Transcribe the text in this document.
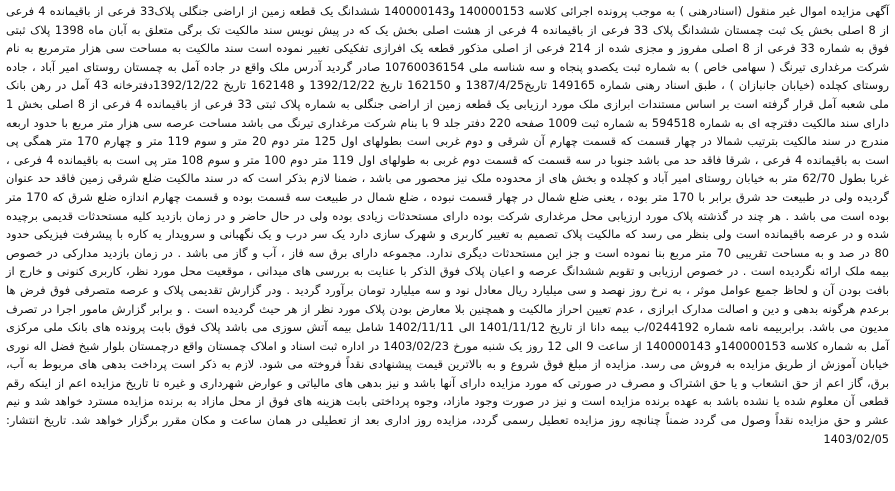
آگهی مزایده اموال غیر منقول (اسنادرهنی ) به موجب پرونده اجرائی کلاسه 140000153 و140000143 ششدانگ یک قطعه زمین از اراضی جنگلی پلاک33 فرعی از باقیمانده 4 فرعی از 8 اصلی بخش یک ثبت چمستان ششدانگ پلاک 33 فرعی از باقیمانده 4 فرعی از هشت اصلی بخش یک که در پیش نویس سند مالکیت تک برگی متعلق به آبان ماه 1398 پلاک ثبتی فوق به شماره 33 فرعی از 8 اصلی مفروز و مجزی شده از 214 فرعی از اصلی مذکور قطعه یک افرازی تفکیکی تغییر نموده است سند مالکیت به مساحت سی هزار مترمربع به نام شرکت مرغداری تیرنگ ( سهامی خاص ) به شماره ثبت یکصدو پنجاه و سه شناسه ملی 10760036154 صادر گردید آدرس ملک واقع در جاده آمل به چمستان روستای امیر آباد ، جاده روستای کچلده (خیابان جانبازان ) ، طبق اسناد رهنی شماره 149165 تاریخ1387/4/25 و 162150 تاریخ 1392/12/22 و 162148 تاریخ 1392/12/22دفترخانه 43 آمل در رهن بانک ملی شعبه آمل قرار گرفته است بر اساس مستندات ابرازی ملک مورد ارزیابی یک قطعه زمین از اراضی جنگلی به شماره پلاک ثبتی 33 فرعی از باقیمانده 4 فرعی از 8 اصلی بخش 1 دارای سند مالکیت دفترچه ای به شماره 594518 به شماره ثبت 1009 صفحه 220 دفتر جلد 9 با بنام شرکت مرغداری تیرنگ می باشد مساحت عرصه سی هزار متر مربع با حدود اربعه مندرج در سند مالکیت بترتیب شمالا در چهار قسمت که قسمت چهارم آن شرقی و دوم غربی است بطولهای اول 125 متر دوم 20 متر و سوم 119 متر و چهارم 170 متر همگی پی است به باقیمانده 4 فرعی ، شرقا فاقد حد می باشد جنوبا در سه قسمت که قسمت دوم غربی به طولهای اول 119 متر دوم 100 متر و سوم 108 متر پی است به باقیمانده 4 فرعی ، غربا بطول 62/70 متر به خیابان روستای امیر آباد و کچلده و بخش های از محدوده ملک نیز محصور می باشد ، ضمنا لازم بذکر است که در سند مالکیت ضلع شرقی زمین فاقد حد عنوان گردیده ولی در طبیعت حد شرق برابر با 170 متر بوده ، یعنی ضلع شمال در چهار قسمت نبوده ، ضلع شمال در طبیعت سه قسمت بوده و قسمت چهارم اندازه ضلع شرق که 170 متر بوده است می باشد . هر چند در گذشته پلاک مورد ارزیابی محل مرغداری شرکت بوده دارای مستحدثات زیادی بوده ولی در حال حاضر و در زمان بازدید کلیه مستحدثات قدیمی برچیده شده و در عرصه باقیمانده است ولی بنظر می رسد که مالکیت پلاک تصمیم به تغییر کاربری و شهرک سازی دارد یک سر درب و یک نگهبانی و سرویدار یه کاره با پیشرفت فیزیکی حدود 80 در صد و به مساحت تقریبی 70 متر مربع بنا نموده است و جز این مستحدثات دیگری ندارد. مجموعه دارای برق سه فاز ، آب و گاز می باشد . در زمان بازدید مدارکی در خصوص بیمه ملک ارائه نگردیده است . در خصوص ارزیابی و تقویم ششدانگ عرصه و اعیان پلاک فوق الذکر با عنایت به بررسی های میدانی ، موقعیت محل مورد نظر، کاربری کنونی و خارج از بافت بودن آن و لحاظ جمیع عوامل موثر ، به نرخ روز نهصد و سی میلیارد ریال معادل نود و سه میلیارد تومان برآورد گردید . ودر گزارش تقدیمی پلاک و عرصه متصرفی فوق فرض ها برعدم هرگونه بدهی و دین و اصالت مدارک ابرازی ، عدم تعیین احراز مالکیت و همچنین بلا معارض بودن پلاک مورد نظر از هر حیث گردیده است . و برابر گزارش مامور اجرا در تصرف مدیون می باشد. برابربیمه نامه شماره 0244192/ب بیمه دانا از تاریخ 1401/11/12 الی 1402/11/11 شامل بیمه آتش سوزی می باشد پلاک فوق بابت پرونده های بانک ملی مرکزی آمل به شماره کلاسه 140000153و 140000143 از ساعت 9 الی 12 روز یک شنبه مورخ 1403/02/23 در اداره ثبت اسناد و املاک چمستان واقع درچمستان بلوار شیخ فضل اله نوری خیابان آموزش از طریق مزایده به فروش می رسد. مزایده از مبلغ فوق شروع و به بالاترین قیمت پیشنهادی نقداً فروخته می شود. لازم به ذکر است پرداخت بدهی های مربوط به آب، برق، گاز اعم از حق انشعاب و یا حق اشتراک و مصرف در صورتی که مورد مزایده دارای آنها باشد و نیز بدهی های مالیاتی و عوارض شهرداری و غیره تا تاریخ مزایده اعم از اینکه رقم قطعی آن معلوم شده یا نشده باشد به عهده برنده مزایده است و نیز در صورت وجود مازاد، وجوه پرداختی بابت هزینه های فوق از محل مازاد به برنده مزایده مسترد خواهد شد و نیم عشر و حق مزایده نقداً وصول می گردد ضمناً چنانچه روز مزایده تعطیل رسمی گردد، مزایده روز اداری بعد از تعطیلی در همان ساعت و مکان مقرر برگزار خواهد شد. تاریخ انتشار: 1403/02/05
